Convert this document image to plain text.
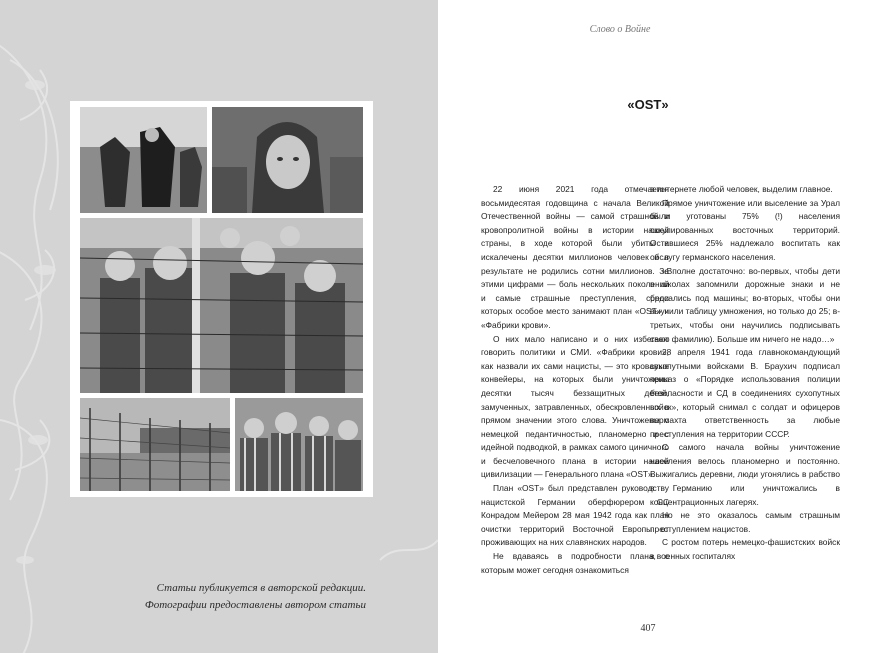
Статьи публикуется в авторской редакции.
Фотографии предоставлены автором статьи
Слово о Войне
«OST»

22 июня 2021 года отмечается восьмидесятая годовщина с начала Великой Отечественной войны — самой страшной и кровопролитной войны в истории нашей страны, в ходе которой были убиты и искалечены десятки миллионов человек и в результате не родились сотни миллионов. За этими цифрами — боль нескольких поколений и самые страшные преступления, среди которых особое место занимают план «OST» и «Фабрики крови».

О них мало написано и о них избегают говорить политики и СМИ. «Фабрики крови», как назвали их сами нацисты, — это кровавые конвейеры, на которых были уничтожены десятки тысяч беззащитных детей, замученных, затравленных, обескровленных в прямом значении этого слова. Уничтожены с немецкой педантичностью, планомерно и с идейной подводкой, в рамках самого циничного и бесчеловечного плана в истории нашей цивилизации — Генерального плана «OST».

План «OST» был представлен руководству нацистской Германии оберфюрером СС Конрадом Мейером 28 мая 1942 года как план очистки территорий Восточной Европы от проживающих на них славянских народов.

Не вдаваясь в подробности плана, с которым может сегодня ознакомиться

в интернете любой человек, выделим главное.

Прямое уничтожение или выселение за Урал были уготованы 75% (!) населения оккупированных восточных территорий. Оставшиеся 25% надлежало воспитать как обслугу германского населения.

«Вполне достаточно: во-первых, чтобы дети в школах запомнили дорожные знаки и не бросались под машины; во-вторых, чтобы они выучили таблицу умножения, но только до 25; в-третьих, чтобы они научились подписывать свою фамилию). Больше им ничего не надо…»

28 апреля 1941 года главнокомандующий сухопутными войсками В. Браухич подписал приказ о «Порядке использования полиции безопасности и СД в соединениях сухопутных войск», который снимал с солдат и офицеров вермахта ответственность за любые преступления на территории СССР.

С самого начала войны уничтожение населения велось планомерно и постоянно. Выжигались деревни, люди угонялись в рабство в Германию или уничтожались в концентрационных лагерях.

Но не это оказалось самым страшным преступлением нацистов.

С ростом потерь немецко-фашистских войск в военных госпиталях

407
